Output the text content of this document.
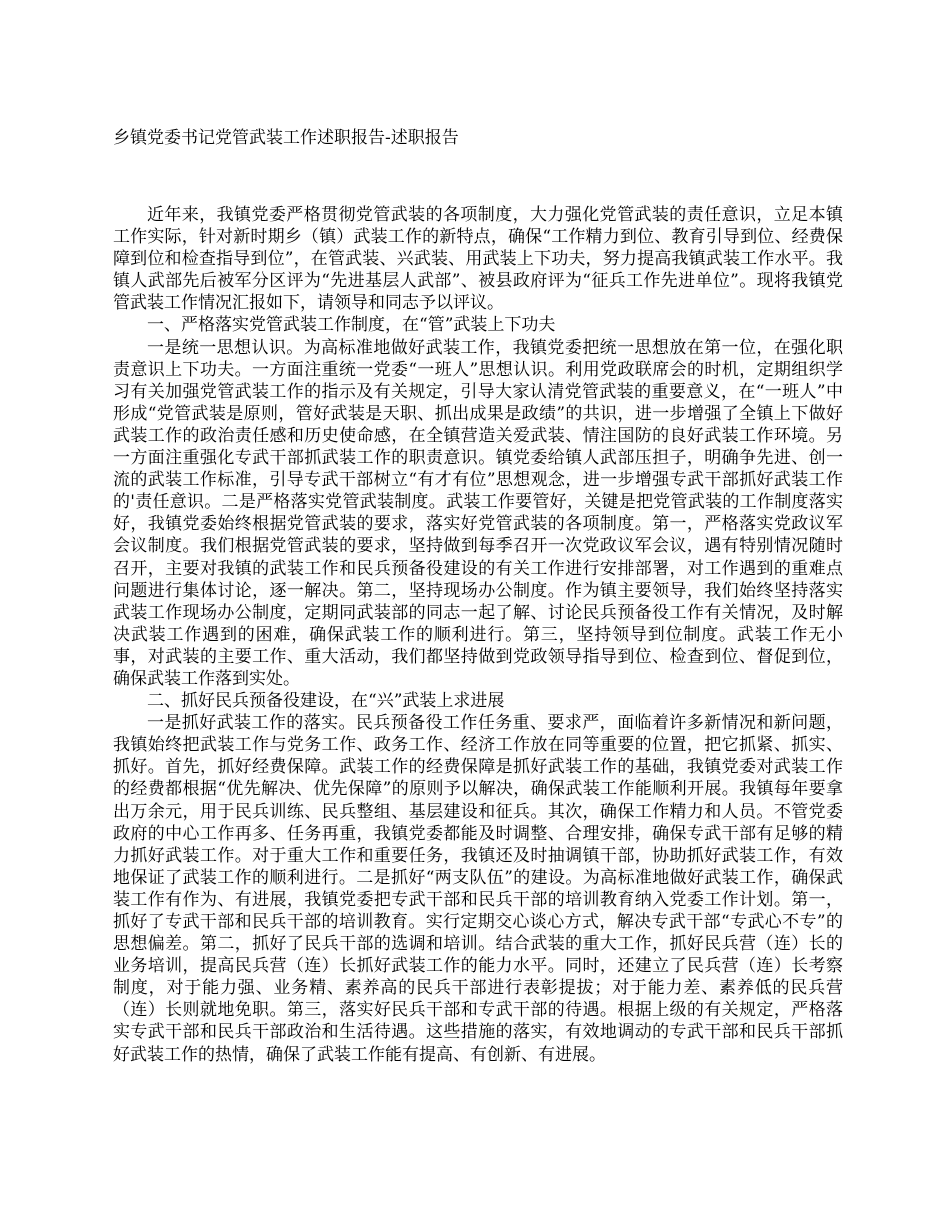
乡镇党委书记党管武装工作述职报告-述职报告

近年来，我镇党委严格贯彻党管武装的各项制度，大力强化党管武装的责任意识，立足本镇工作实际，针对新时期乡（镇）武装工作的新特点，确保“工作精力到位、教育引导到位、经费保障到位和检查指导到位”，在管武装、兴武装、用武装上下功夫，努力提高我镇武装工作水平。我镇人武部先后被军分区评为“先进基层人武部”、被县政府评为“征兵工作先进单位”。现将我镇党管武装工作情况汇报如下，请领导和同志予以评议。

一、严格落实党管武装工作制度，在“管”武装上下功夫

一是统一思想认识。为高标准地做好武装工作，我镇党委把统一思想放在第一位，在强化职责意识上下功夫。一方面注重统一党委“一班人”思想认识。利用党政联席会的时机，定期组织学习有关加强党管武装工作的指示及有关规定，引导大家认清党管武装的重要意义，在“一班人”中形成“党管武装是原则，管好武装是天职、抓出成果是政绩”的共识，进一步增强了全镇上下做好武装工作的政治责任感和历史使命感，在全镇营造关爱武装、情注国防的良好武装工作环境。另一方面注重强化专武干部抓武装工作的职责意识。镇党委给镇人武部压担子，明确争先进、创一流的武装工作标准，引导专武干部树立“有才有位”思想观念，进一步增强专武干部抓好武装工作的'责任意识。二是严格落实党管武装制度。武装工作要管好，关键是把党管武装的工作制度落实好，我镇党委始终根据党管武装的要求，落实好党管武装的各项制度。第一，严格落实党政议军会议制度。我们根据党管武装的要求，坚持做到每季召开一次党政议军会议，遇有特别情况随时召开，主要对我镇的武装工作和民兵预备役建设的有关工作进行安排部署，对工作遇到的重难点问题进行集体讨论，逐一解决。第二，坚持现场办公制度。作为镇主要领导，我们始终坚持落实武装工作现场办公制度，定期同武装部的同志一起了解、讨论民兵预备役工作有关情况，及时解决武装工作遇到的困难，确保武装工作的顺利进行。第三，坚持领导到位制度。武装工作无小事，对武装的主要工作、重大活动，我们都坚持做到党政领导指导到位、检查到位、督促到位，确保武装工作落到实处。

二、抓好民兵预备役建设，在“兴”武装上求进展

一是抓好武装工作的落实。民兵预备役工作任务重、要求严，面临着许多新情况和新问题，我镇始终把武装工作与党务工作、政务工作、经济工作放在同等重要的位置，把它抓紧、抓实、抓好。首先，抓好经费保障。武装工作的经费保障是抓好武装工作的基础，我镇党委对武装工作的经费都根据“优先解决、优先保障”的原则予以解决，确保武装工作能顺利开展。我镇每年要拿出万余元，用于民兵训练、民兵整组、基层建设和征兵。其次，确保工作精力和人员。不管党委政府的中心工作再多、任务再重，我镇党委都能及时调整、合理安排，确保专武干部有足够的精力抓好武装工作。对于重大工作和重要任务，我镇还及时抽调镇干部，协助抓好武装工作，有效地保证了武装工作的顺利进行。二是抓好“两支队伍”的建设。为高标准地做好武装工作，确保武装工作有作为、有进展，我镇党委把专武干部和民兵干部的培训教育纳入党委工作计划。第一，抓好了专武干部和民兵干部的培训教育。实行定期交心谈心方式，解决专武干部“专武心不专”的思想偏差。第二，抓好了民兵干部的选调和培训。结合武装的重大工作，抓好民兵营（连）长的业务培训，提高民兵营（连）长抓好武装工作的能力水平。同时，还建立了民兵营（连）长考察制度，对于能力强、业务精、素养高的民兵干部进行表彰提拔；对于能力差、素养低的民兵营（连）长则就地免职。第三，落实好民兵干部和专武干部的待遇。根据上级的有关规定，严格落实专武干部和民兵干部政治和生活待遇。这些措施的落实，有效地调动的专武干部和民兵干部抓好武装工作的热情，确保了武装工作能有提高、有创新、有进展。
